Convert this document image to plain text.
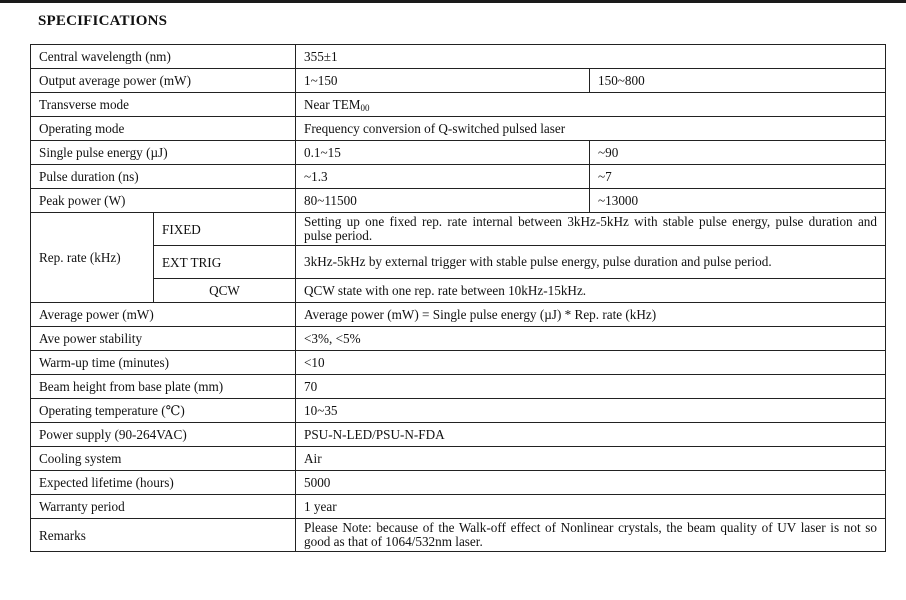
SPECIFICATIONS
Central wavelength (nm)		355±1	
Output average power (mW)		1~150	150~800
Transverse mode		Near TEM00	
Operating mode		Frequency conversion of Q-switched pulsed laser	
Single pulse energy (µJ)		0.1~15	~90
Pulse duration (ns)		~1.3	~7
Peak power (W)		80~11500	~13000
Rep. rate (kHz)	FIXED	Setting up one fixed rep. rate internal between 3kHz-5kHz with stable pulse energy, pulse duration and pulse period.	
	EXT TRIG	3kHz-5kHz by external trigger with stable pulse energy, pulse duration and pulse period.	
	QCW	QCW state with one rep. rate between 10kHz-15kHz.	
Average power (mW)		Average power (mW) = Single pulse energy (µJ) * Rep. rate (kHz)	
Ave power stability		<3%, <5%	
Warm-up time (minutes)		<10	
Beam height from base plate (mm)		70	
Operating temperature (℃)		10~35	
Power supply (90-264VAC)		PSU-N-LED/PSU-N-FDA	
Cooling system		Air	
Expected lifetime (hours)		5000	
Warranty period		1 year	
Remarks		Please Note: because of the Walk-off effect of Nonlinear crystals, the beam quality of UV laser is not so good as that of 1064/532nm laser.	
